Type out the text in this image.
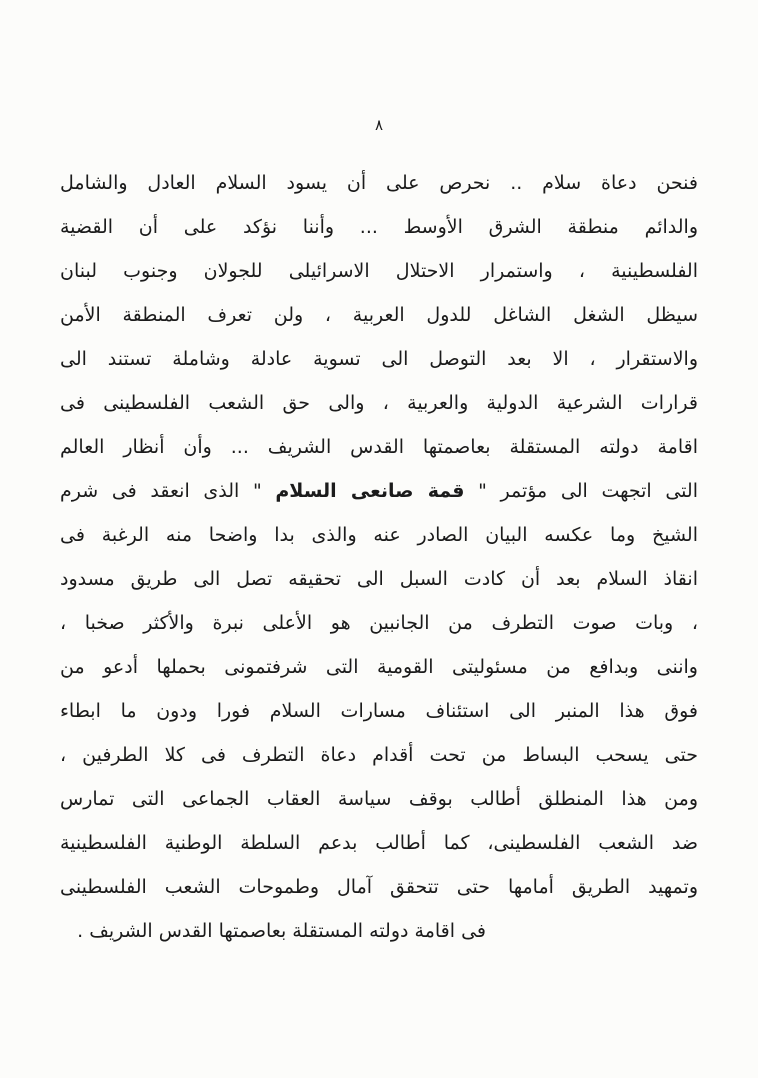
٨
فنحن دعاة سلام .. نحرص على أن يسود السلام العادل والشامل
والدائم منطقة الشرق الأوسط ... وأننا نؤكد على أن القضية
الفلسطينية ، واستمرار الاحتلال الاسرائيلى للجولان وجنوب لبنان
سيظل الشغل الشاغل للدول العربية ، ولن تعرف المنطقة الأمن
والاستقرار ، الا بعد التوصل الى تسوية عادلة وشاملة تستند الى
قرارات الشرعية الدولية والعربية ، والى حق الشعب الفلسطينى فى
اقامة دولته المستقلة بعاصمتها القدس الشريف ... وأن أنظار العالم
التى اتجهت الى مؤتمر " قمة صانعى السلام " الذى انعقد فى شرم
الشيخ وما عكسه البيان الصادر عنه والذى بدا واضحا منه الرغبة فى
انقاذ السلام بعد أن كادت السبل الى تحقيقه تصل الى طريق مسدود
، وبات صوت التطرف من الجانبين هو الأعلى نبرة والأكثر صخبا ،
واننى وبدافع من مسئوليتى القومية التى شرفتمونى بحملها أدعو من
فوق هذا المنبر الى استئناف مسارات السلام فورا ودون ما ابطاء
حتى يسحب البساط من تحت أقدام دعاة التطرف فى كلا الطرفين ،
ومن هذا المنطلق أطالب بوقف سياسة العقاب الجماعى التى تمارس
ضد الشعب الفلسطينى، كما أطالب بدعم السلطة الوطنية الفلسطينية
وتمهيد الطريق أمامها حتى تتحقق آمال وطموحات الشعب الفلسطينى
فى اقامة دولته المستقلة بعاصمتها القدس الشريف .
